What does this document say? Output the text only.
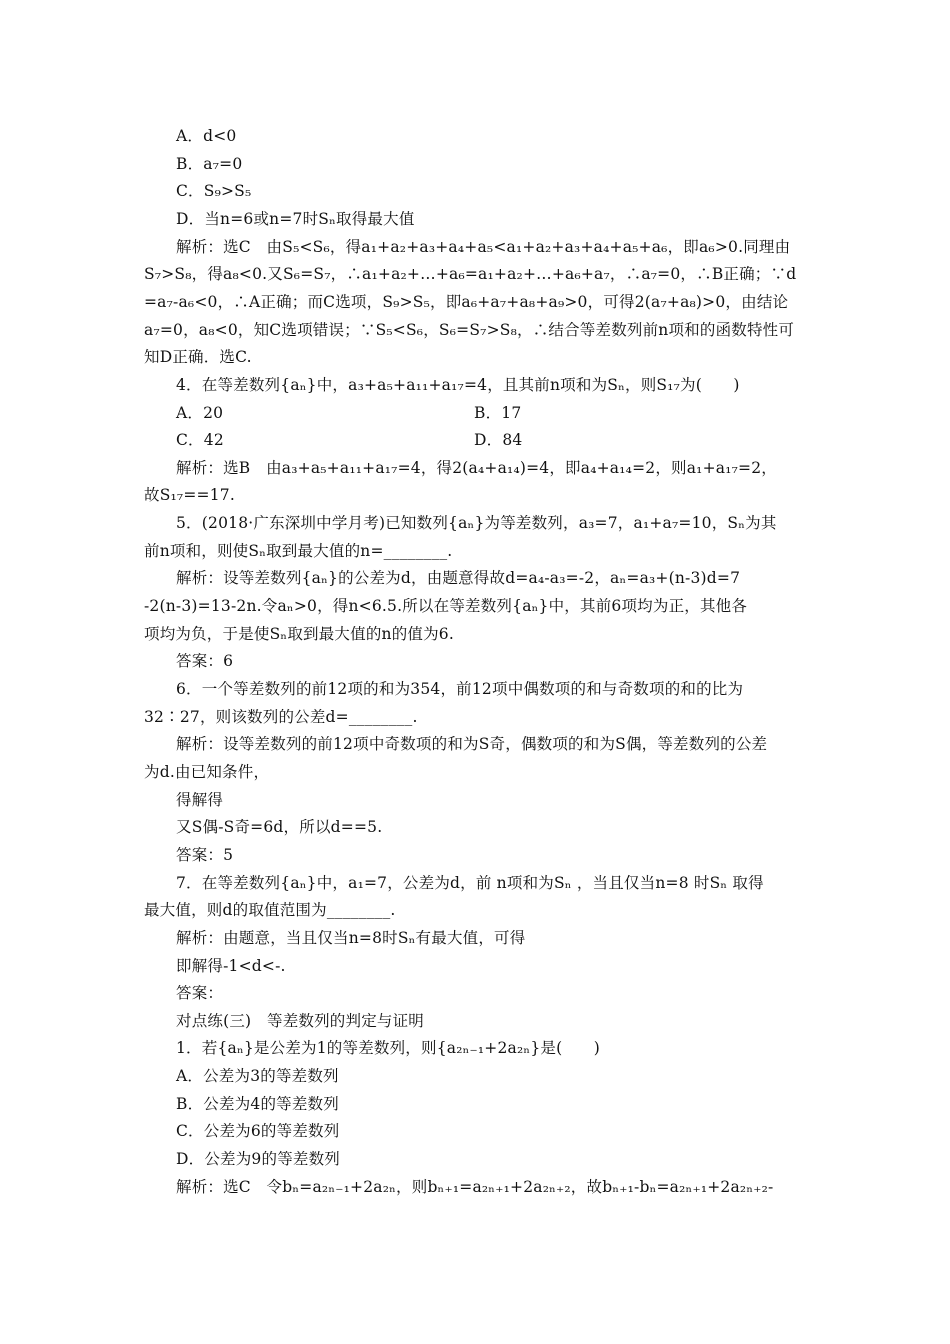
A．d<0
B．a₇=0
C．S₉>S₅
D．当n=6或n=7时Sₙ取得最大值
解析：选C　由S₅<S₆，得a₁+a₂+a₃+a₄+a₅<a₁+a₂+a₃+a₄+a₅+a₆，即a₆>0.同理由
S₇>S₈，得a₈<0.又S₆=S₇，∴a₁+a₂+…+a₆=a₁+a₂+…+a₆+a₇，∴a₇=0，∴B正确；∵d
=a₇-a₆<0，∴A正确；而C选项，S₉>S₅，即a₆+a₇+a₈+a₉>0，可得2(a₇+a₈)>0，由结论
a₇=0，a₈<0，知C选项错误；∵S₅<S₆，S₆=S₇>S₈，∴结合等差数列前n项和的函数特性可
知D正确．选C.
4．在等差数列{aₙ}中，a₃+a₅+a₁₁+a₁₇=4，且其前n项和为Sₙ，则S₁₇为(　　)
A．20	B．17
C．42	D．84
解析：选B　由a₃+a₅+a₁₁+a₁₇=4，得2(a₄+a₁₄)=4，即a₄+a₁₄=2，则a₁+a₁₇=2，
故S₁₇==17.
5．(2018·广东深圳中学月考)已知数列{aₙ}为等差数列，a₃=7，a₁+a₇=10，Sₙ为其
前n项和，则使Sₙ取到最大值的n=________.
解析：设等差数列{aₙ}的公差为d，由题意得故d=a₄-a₃=-2，aₙ=a₃+(n-3)d=7
-2(n-3)=13-2n.令aₙ>0，得n<6.5.所以在等差数列{aₙ}中，其前6项均为正，其他各
项均为负，于是使Sₙ取到最大值的n的值为6.
答案：6
6．一个等差数列的前12项的和为354，前12项中偶数项的和与奇数项的和的比为
32∶27，则该数列的公差d=________.
解析：设等差数列的前12项中奇数项的和为S奇，偶数项的和为S偶，等差数列的公差
为d.由已知条件，
得解得
又S偶-S奇=6d，所以d==5.
答案：5
7．在等差数列{aₙ}中，a₁=7，公差为d，前 n项和为Sₙ ，当且仅当n=8 时Sₙ 取得
最大值，则d的取值范围为________.
解析：由题意，当且仅当n=8时Sₙ有最大值，可得
即解得-1<d<-.
答案：
对点练(三)　等差数列的判定与证明
1．若{aₙ}是公差为1的等差数列，则{a₂ₙ₋₁+2a₂ₙ}是(　　)
A．公差为3的等差数列
B．公差为4的等差数列
C．公差为6的等差数列
D．公差为9的等差数列
解析：选C　令bₙ=a₂ₙ₋₁+2a₂ₙ，则bₙ₊₁=a₂ₙ₊₁+2a₂ₙ₊₂，故bₙ₊₁-bₙ=a₂ₙ₊₁+2a₂ₙ₊₂-
